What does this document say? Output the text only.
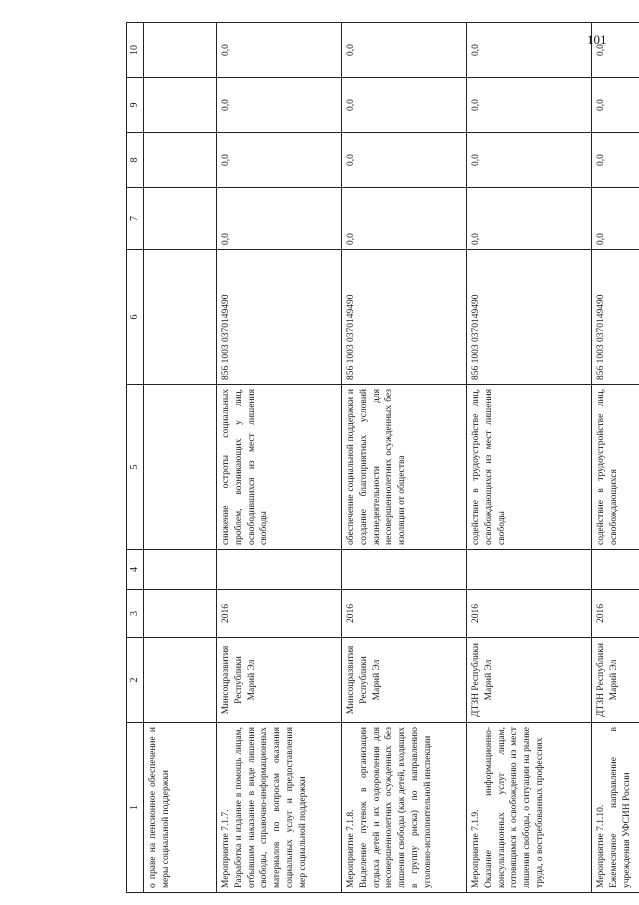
101
1	2	3	4	5	6	7	8	9	10
о праве на пенсионное обеспечение и меры социальной поддержки									
Мероприятие 7.1.7.
Разработка и издание в помощь лицам, отбывшим наказание в виде лишения свободы, справочно-информационных материалов по вопросам оказания социальных услуг и предоставления мер социальной поддержки	Минсоцразвития Республики Марий Эл	2016		снижение остроты социальных проблем, возникающих у лиц, освободившихся из мест лишения свободы	856 1003 0370149490	0,0	0,0	0,0	0,0
Мероприятие 7.1.8.
Выделение путевок в организации отдыха детей и их оздоровления для несовершеннолетних осужденных без лишения свободы (как детей, входящих в группу риска) по направлению уголовно-исполнительной инспекции	Минсоцразвития Республики Марий Эл	2016		обеспечение социальной поддержки и создание благоприятных условий жизнедеятельности для несовершеннолетних осужденных без изоляции от общества	856 1003 0370149490	0,0	0,0	0,0	0,0
Мероприятие 7.1.9.
Оказание информационно-консультационных услуг лицам, готовящимся к освобождению из мест лишения свободы, о ситуации на рынке труда, о востребованных профессиях	ДТЗН Республики Марий Эл	2016		содействие в трудоустройстве лиц, освобождающихся из мест лишения свободы	856 1003 0370149490	0,0	0,0	0,0	0,0
Мероприятие 7.1.10.
Ежемесячное направление в учреждения УФСИН России	ДТЗН Республики Марий Эл	2016		содействие в трудоустройстве лиц, освобождающихся	856 1003 0370149490	0,0	0,0	0,0	0,0
